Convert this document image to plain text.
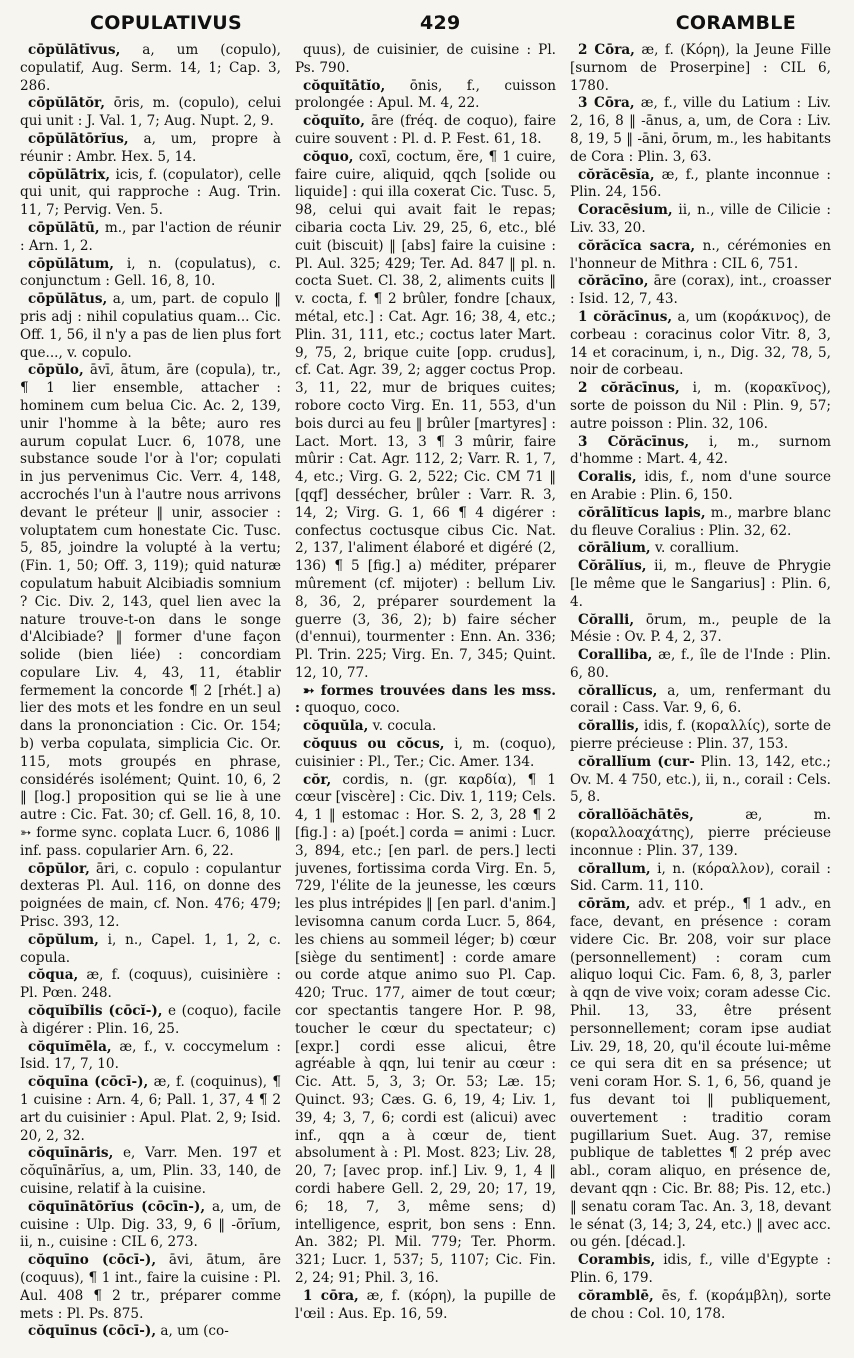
COPULATIVUS	429	CORAMBLE

cōpŭlātīvus, a, um (copulo), copulatif, Aug. Serm. 14, 1; Cap. 3, 286.

cōpŭlātŏr, ōris, m. (copulo), celui qui unit : J. Val. 1, 7; Aug. Nupt. 2, 9.

cōpŭlātōrĭus, a, um, propre à réunir : Ambr. Hex. 5, 14.

cōpŭlātrix, icis, f. (copulator), celle qui unit, qui rapproche : Aug. Trin. 11, 7; Pervig. Ven. 5.

cōpŭlātū, m., par l'action de réunir : Arn. 1, 2.

cōpŭlātum, i, n. (copulatus), c. conjunctum : Gell. 16, 8, 10.

cōpŭlātus, a, um, part. de copulo ‖ pris adj : nihil copulatius quam... Cic. Off. 1, 56, il n'y a pas de lien plus fort que..., v. copulo.

cōpŭlo, āvī, ātum, āre (copula), tr., ¶ 1 lier ensemble, attacher : hominem cum belua Cic. Ac. 2, 139, unir l'homme à la bête; auro res aurum copulat Lucr. 6, 1078, une substance soude l'or à l'or; copulati in jus pervenimus Cic. Verr. 4, 148, accrochés l'un à l'autre nous arrivons devant le préteur ‖ unir, associer : voluptatem cum honestate Cic. Tusc. 5, 85, joindre la volupté à la vertu; (Fin. 1, 50; Off. 3, 119); quid naturæ copulatum habuit Alcibiadis somnium ? Cic. Div. 2, 143, quel lien avec la nature trouve-t-on dans le songe d'Alcibiade? ‖ former d'une façon solide (bien liée) : concordiam copulare Liv. 4, 43, 11, établir fermement la concorde ¶ 2 [rhét.] a) lier des mots et les fondre en un seul dans la prononciation : Cic. Or. 154; b) verba copulata, simplicia Cic. Or. 115, mots groupés en phrase, considérés isolément; Quint. 10, 6, 2 ‖ [log.] proposition qui se lie à une autre : Cic. Fat. 30; cf. Gell. 16, 8, 10. ➳ forme sync. coplata Lucr. 6, 1086 ‖ inf. pass. copularier Arn. 6, 22.

cōpŭlor, āri, c. copulo : copulantur dexteras Pl. Aul. 116, on donne des poignées de main, cf. Non. 476; 479; Prisc. 393, 12.

cōpŭlum, i, n., Capel. 1, 1, 2, c. copula.

cŏqua, æ, f. (coquus), cuisinière : Pl. Pœn. 248.

cŏquĭbĭlis (cōcĭ-), e (coquo), facile à digérer : Plin. 16, 25.

cŏquĭmēla, æ, f., v. coccymelum : Isid. 17, 7, 10.

cŏquīna (cōcī-), æ, f. (coquinus), ¶ 1 cuisine : Arn. 4, 6; Pall. 1, 37, 4 ¶ 2 art du cuisinier : Apul. Plat. 2, 9; Isid. 20, 2, 32.

cŏquīnāris, e, Varr. Men. 197 et cŏquīnārĭus, a, um, Plin. 33, 140, de cuisine, relatif à la cuisine.

cŏquīnātōrĭus (cōcīn-), a, um, de cuisine : Ulp. Dig. 33, 9, 6 ‖ -ōrĭum, ii, n., cuisine : CIL 6, 273.

cŏquīno (cōcī-), āvi, ātum, āre (coquus), ¶ 1 int., faire la cuisine : Pl. Aul. 408 ¶ 2 tr., préparer comme mets : Pl. Ps. 875.

cŏquīnus (cōcī-), a, um (co-

quus), de cuisinier, de cuisine : Pl. Ps. 790.

cŏquĭtātĭo, ōnis, f., cuisson prolongée : Apul. M. 4, 22.

cŏquĭto, āre (fréq. de coquo), faire cuire souvent : Pl. d. P. Fest. 61, 18.

cŏquo, coxī, coctum, ĕre, ¶ 1 cuire, faire cuire, aliquid, qqch [solide ou liquide] : qui illa coxerat Cic. Tusc. 5, 98, celui qui avait fait le repas; cibaria cocta Liv. 29, 25, 6, etc., blé cuit (biscuit) ‖ [abs] faire la cuisine : Pl. Aul. 325; 429; Ter. Ad. 847 ‖ pl. n. cocta Suet. Cl. 38, 2, aliments cuits ‖ v. cocta, f. ¶ 2 brûler, fondre [chaux, métal, etc.] : Cat. Agr. 16; 38, 4, etc.; Plin. 31, 111, etc.; coctus later Mart. 9, 75, 2, brique cuite [opp. crudus], cf. Cat. Agr. 39, 2; agger coctus Prop. 3, 11, 22, mur de briques cuites; robore cocto Virg. En. 11, 553, d'un bois durci au feu ‖ brûler [martyres] : Lact. Mort. 13, 3 ¶ 3 mûrir, faire mûrir : Cat. Agr. 112, 2; Varr. R. 1, 7, 4, etc.; Virg. G. 2, 522; Cic. CM 71 ‖ [qqf] dessécher, brûler : Varr. R. 3, 14, 2; Virg. G. 1, 66 ¶ 4 digérer : confectus coctusque cibus Cic. Nat. 2, 137, l'aliment élaboré et digéré (2, 136) ¶ 5 [fig.] a) méditer, préparer mûrement (cf. mijoter) : bellum Liv. 8, 36, 2, préparer sourdement la guerre (3, 36, 2); b) faire sécher (d'ennui), tourmenter : Enn. An. 336; Pl. Trin. 225; Virg. En. 7, 345; Quint. 12, 10, 77.

➳ formes trouvées dans les mss. : quoquo, coco.

cŏquŭla, v. cocula.

cŏquus ou cŏcus, i, m. (coquo), cuisinier : Pl., Ter.; Cic. Amer. 134.

cŏr, cordis, n. (gr. καρδία), ¶ 1 cœur [viscère] : Cic. Div. 1, 119; Cels. 4, 1 ‖ estomac : Hor. S. 2, 3, 28 ¶ 2 [fig.] : a) [poét.] corda = animi : Lucr. 3, 894, etc.; [en parl. de pers.] lecti juvenes, fortissima corda Virg. En. 5, 729, l'élite de la jeunesse, les cœurs les plus intrépides ‖ [en parl. d'anim.] levisomna canum corda Lucr. 5, 864, les chiens au sommeil léger; b) cœur [siège du sentiment] : corde amare ou corde atque animo suo Pl. Cap. 420; Truc. 177, aimer de tout cœur; cor spectantis tangere Hor. P. 98, toucher le cœur du spectateur; c) [expr.] cordi esse alicui, être agréable à qqn, lui tenir au cœur : Cic. Att. 5, 3, 3; Or. 53; Læ. 15; Quinct. 93; Cæs. G. 6, 19, 4; Liv. 1, 39, 4; 3, 7, 6; cordi est (alicui) avec inf., qqn a à cœur de, tient absolument à : Pl. Most. 823; Liv. 28, 20, 7; [avec prop. inf.] Liv. 9, 1, 4 ‖ cordi habere Gell. 2, 29, 20; 17, 19, 6; 18, 7, 3, même sens; d) intelligence, esprit, bon sens : Enn. An. 382; Pl. Mil. 779; Ter. Phorm. 321; Lucr. 1, 537; 5, 1107; Cic. Fin. 2, 24; 91; Phil. 3, 16.

1 cōra, æ, f. (κόρη), la pupille de l'œil : Aus. Ep. 16, 59.

2 Cōra, æ, f. (Κόρη), la Jeune Fille [surnom de Proserpine] : CIL 6, 1780.

3 Cōra, æ, f., ville du Latium : Liv. 2, 16, 8 ‖ -ānus, a, um, de Cora : Liv. 8, 19, 5 ‖ -āni, ōrum, m., les habitants de Cora : Plin. 3, 63.

cŏrăcēsĭa, æ, f., plante inconnue : Plin. 24, 156.

Coracēsium, ii, n., ville de Cilicie : Liv. 33, 20.

cŏrăcĭca sacra, n., cérémonies en l'honneur de Mithra : CIL 6, 751.

cŏrăcīno, āre (corax), int., croasser : Isid. 12, 7, 43.

1 cŏrăcīnus, a, um (κοράκινος), de corbeau : coracinus color Vitr. 8, 3, 14 et coracinum, i, n., Dig. 32, 78, 5, noir de corbeau.

2 cŏrăcīnus, i, m. (κορακῖνος), sorte de poisson du Nil : Plin. 9, 57; autre poisson : Plin. 32, 106.

3 Cŏrăcīnus, i, m., surnom d'homme : Mart. 4, 42.

Coralis, idis, f., nom d'une source en Arabie : Plin. 6, 150.

cŏrālĭtĭcus lapis, m., marbre blanc du fleuve Coralius : Plin. 32, 62.

cŏrālium, v. corallium.

Cŏrālĭus, ii, m., fleuve de Phrygie [le même que le Sangarius] : Plin. 6, 4.

Cŏralli, ōrum, m., peuple de la Mésie : Ov. P. 4, 2, 37.

Coralliba, æ, f., île de l'Inde : Plin. 6, 80.

cŏrallĭcus, a, um, renfermant du corail : Cass. Var. 9, 6, 6.

cŏrallis, idis, f. (κοραλλίς), sorte de pierre précieuse : Plin. 37, 153.

cŏrallĭum (cur- Plin. 13, 142, etc.; Ov. M. 4 750, etc.), ii, n., corail : Cels. 5, 8.

cŏrallŏăchātēs,	æ, m. (κοραλλοαχάτης), pierre précieuse inconnue : Plin. 37, 139.

cŏrallum, i, n. (κόραλλον), corail : Sid. Carm. 11, 110.

cōrăm, adv. et prép., ¶ 1 adv., en face, devant, en présence : coram videre Cic. Br. 208, voir sur place (personnellement) : coram cum aliquo loqui Cic. Fam. 6, 8, 3, parler à qqn de vive voix; coram adesse Cic. Phil. 13, 33, être présent personnellement; coram ipse audiat Liv. 29, 18, 20, qu'il écoute lui-même ce qui sera dit en sa présence; ut veni coram Hor. S. 1, 6, 56, quand je fus devant toi ‖ publiquement, ouvertement : traditio coram pugillarium Suet. Aug. 37, remise publique de tablettes ¶ 2 prép avec abl., coram aliquo, en présence de, devant qqn : Cic. Br. 88; Pis. 12, etc.) ‖ senatu coram Tac. An. 3, 18, devant le sénat (3, 14; 3, 24, etc.) ‖ avec acc. ou gén. [décad.].

Corambis, idis, f., ville d'Egypte : Plin. 6, 179.

cŏramblē, ēs, f. (κοράμβλη), sorte de chou : Col. 10, 178.
